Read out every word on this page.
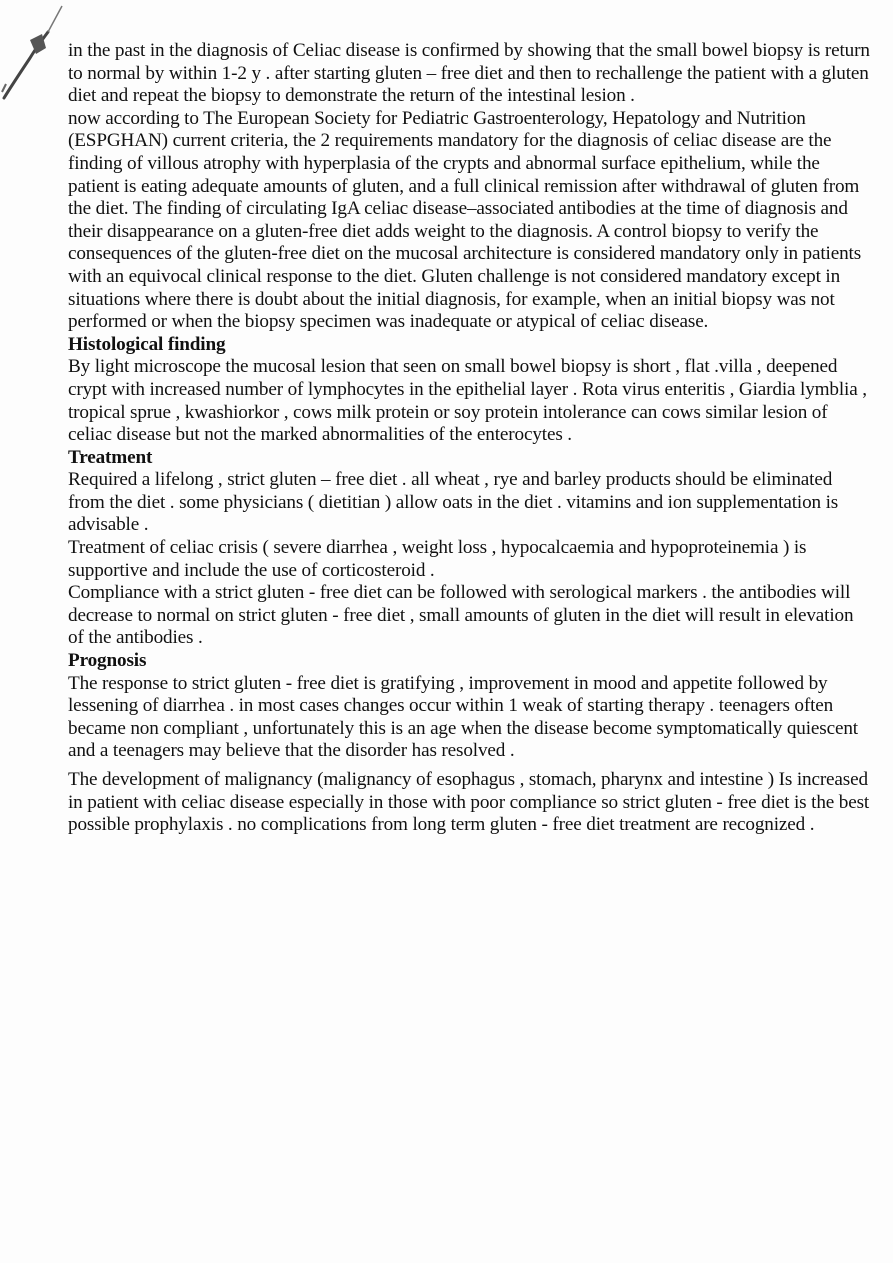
in the past in the diagnosis of Celiac disease is confirmed by showing that the small bowel biopsy is return to normal by within 1-2 y . after starting gluten – free diet and then to rechallenge the patient with a gluten diet and repeat the biopsy to demonstrate the return of the intestinal lesion .

now according to The European Society for Pediatric Gastroenterology, Hepatology and Nutrition (ESPGHAN) current criteria, the 2 requirements mandatory for the diagnosis of celiac disease are the finding of villous atrophy with hyperplasia of the crypts and abnormal surface epithelium, while the patient is eating adequate amounts of gluten, and a full clinical remission after withdrawal of gluten from the diet. The finding of circulating IgA celiac disease–associated antibodies at the time of diagnosis and their disappearance on a gluten-free diet adds weight to the diagnosis. A control biopsy to verify the consequences of the gluten-free diet on the mucosal architecture is considered mandatory only in patients with an equivocal clinical response to the diet. Gluten challenge is not considered mandatory except in situations where there is doubt about the initial diagnosis, for example, when an initial biopsy was not performed or when the biopsy specimen was inadequate or atypical of celiac disease.

Histological finding

By light microscope the mucosal lesion that seen on small bowel biopsy is short , flat .villa , deepened crypt with increased number of lymphocytes in the epithelial layer . Rota virus enteritis , Giardia lymblia , tropical sprue , kwashiorkor , cows milk protein or soy protein intolerance can cows similar lesion of celiac disease but not the marked abnormalities of the enterocytes .

Treatment

Required a lifelong , strict gluten – free diet . all wheat , rye and barley products should be eliminated from the diet . some physicians ( dietitian ) allow oats in the diet . vitamins and ion supplementation is advisable .

Treatment of celiac crisis ( severe diarrhea , weight loss , hypocalcaemia and hypoproteinemia ) is supportive and include the use of corticosteroid .

Compliance with a strict gluten - free diet can be followed with serological markers . the antibodies will decrease to normal on strict gluten - free diet , small amounts of gluten in the diet will result in elevation of the antibodies .

Prognosis

The response to strict gluten - free diet is gratifying , improvement in mood and appetite followed by lessening of diarrhea . in most cases changes occur within 1 weak of starting therapy . teenagers often became non compliant , unfortunately this is an age when the disease become symptomatically quiescent and a teenagers may believe that the disorder has resolved .

The development of malignancy (malignancy of esophagus , stomach, pharynx and intestine ) Is increased in patient with celiac disease especially in those with poor compliance so strict gluten - free diet is the best possible prophylaxis . no complications from long term gluten - free diet treatment are recognized .
